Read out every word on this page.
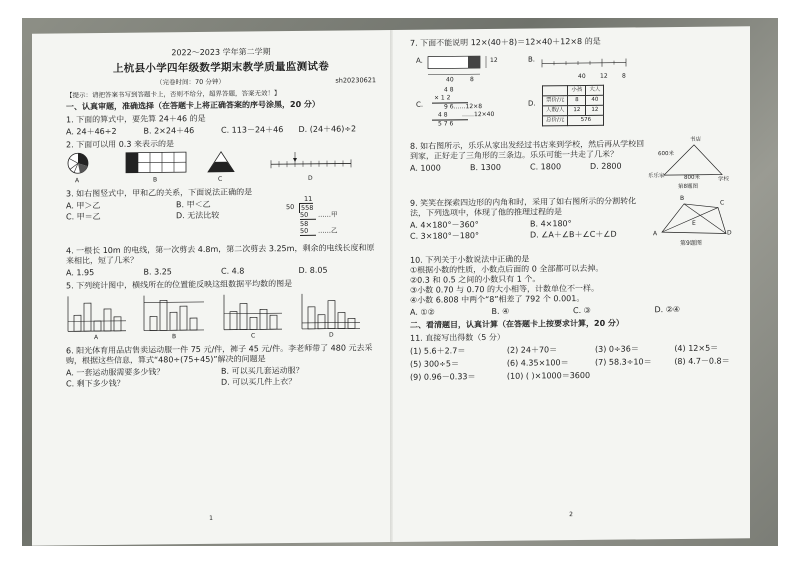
2022～2023 学年第二学期
上杭县小学四年级数学期末教学质量监测试卷
（完卷时间：70 分钟）	sh20230621
【提示：请把答案书写到答题卡上，否则不给分，超界答题，答案无效！】
一、认真审题，准确选择（在答题卡上将正确答案的序号涂黑，20 分）
1. 下面的算式中，要先算 24＋46 的是
A. 24＋46÷2	B. 2×24＋46	C. 113－24＋46	D. (24＋46)÷2
2. 下面可以用 0.3 来表示的是
A	B	C	D
3. 如右图竖式中，甲和乙的关系，下面说法正确的是
A. 甲＞乙	B. 甲＜乙
C. 甲＝乙	D. 无法比较
11
50	558
50 ……甲
58
50 ……乙
4. 一根长 10m 的电线，第一次剪去 4.8m，第二次剪去 3.25m，剩余的电线长度和原来相比，短了几米？
A. 1.95	B. 3.25	C. 4.8	D. 8.05
5. 下列统计图中，横线所在的位置能反映这组数据平均数的图是
A	B	C	D
6. 阳光体育用品店售卖运动服一件 75 元/件，裤子 45 元/件。李老师带了 480 元去采购，根据这些信息，算式“480÷(75+45)”解决的问题是
A. 一套运动服需要多少钱？	B. 可以买几套运动服？
C. 剩下多少钱？	D. 可以买几件上衣？
1
7. 下面不能说明 12×(40＋8)＝12×40＋12×8 的是
A.
40	8
12	B.
40 12 8
C.
4 8
× 1 2
9 6……12×8
4 8 ……12×40
5 7 6
D.
	小孩	大人
票价/元	8	40
人数/人	12	12
总价/元	576	
8. 如右图所示，乐乐从家出发经过书店来到学校，然后再从学校回到家，正好走了三角形的三条边。乐乐可能一共走了几米？
A. 1000	B. 1300	C. 1800	D. 2800
书店
600米
800米
乐乐家
学校
第8题图
9. 笑笑在探索四边形的内角和时，采用了如右图所示的分割转化法，下列选项中，体现了他的推理过程的是
A. 4×180°－360°	B. 4×180°
C. 3×180°－180°	D. ∠A＋∠B＋∠C＋∠D
B
C
A	D
E
第9题图
10. 下列关于小数说法中正确的是
①根据小数的性质，小数点后面的 0 全部都可以去掉。
②0.3 和 0.5 之间的小数只有 1 个。
③小数 0.70 与 0.70 的大小相等，计数单位不一样。
④小数 6.808 中两个“8”相差了 792 个 0.001。
A. ①②	B. ④	C. ③	D. ②④
二、看清题目，认真计算（在答题卡上按要求计算，20 分）
11. 直接写出得数（5 分）
(1) 5.6＋2.7＝	(2) 24＋70＝	(3) 0÷36＝	(4) 12×5＝
(5) 300÷5＝	(6) 4.35×100＝	(7) 58.3÷10＝	(8) 4.7－0.8＝
(9) 0.96－0.33＝	(10) ( )×1000＝3600
2
